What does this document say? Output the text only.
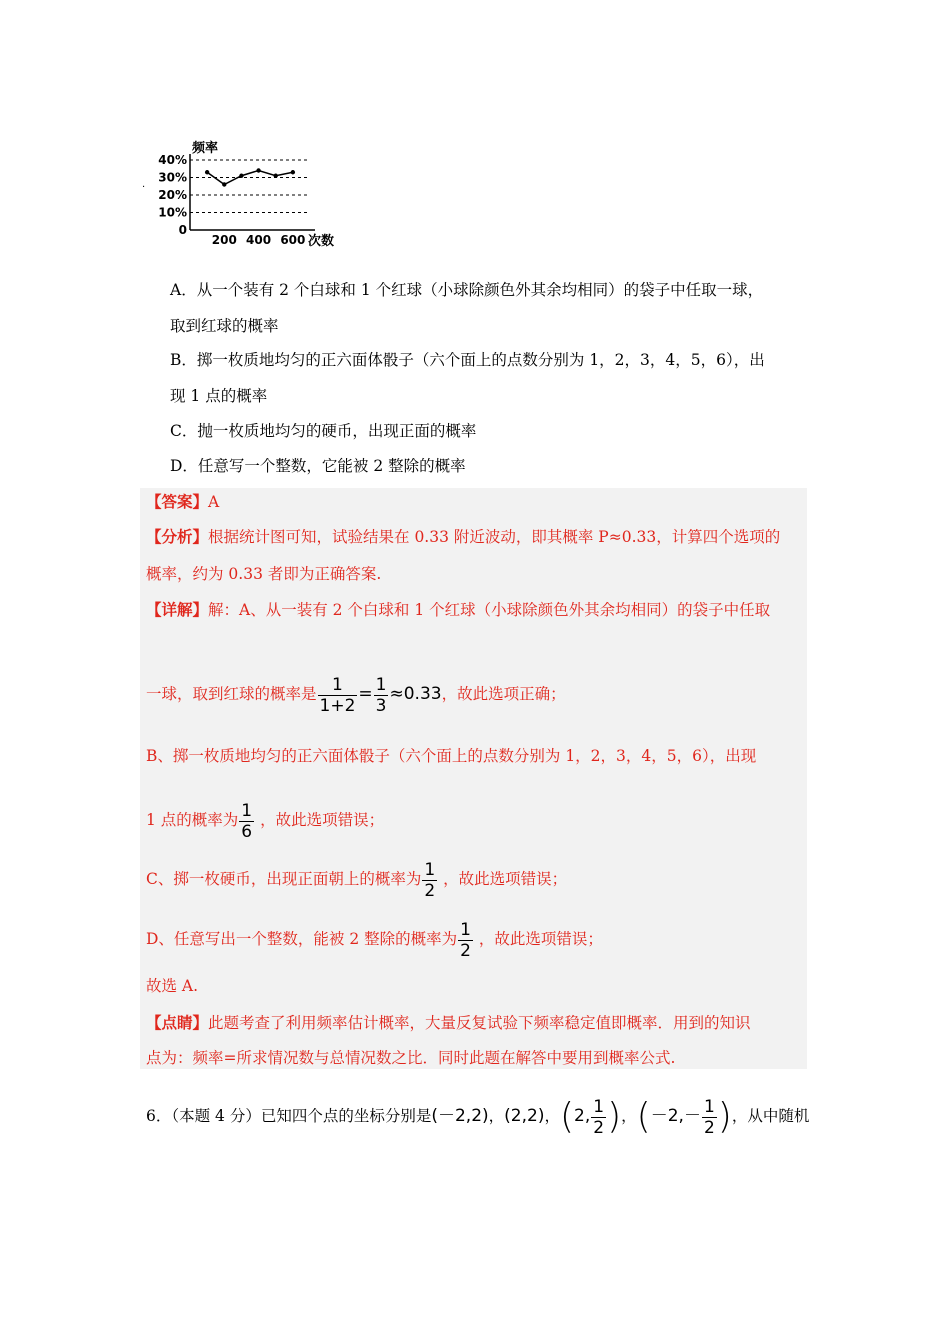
频率
40%
30%
20%
10%
0
200 400 600 次数
·
A．从一个装有 2 个白球和 1 个红球（小球除颜色外其余均相同）的袋子中任取一球，
取到红球的概率
B．掷一枚质地均匀的正六面体骰子（六个面上的点数分别为 1，2，3，4，5，6），出
现 1 点的概率
C．抛一枚质地均匀的硬币，出现正面的概率
D．任意写一个整数，它能被 2 整除的概率
【答案】A
【分析】根据统计图可知，试验结果在 0.33 附近波动，即其概率 P≈0.33，计算四个选项的
概率，约为 0.33 者即为正确答案.
【详解】解：A、从一装有 2 个白球和 1 个红球（小球除颜色外其余均相同）的袋子中任取
一球，取到红球的概率是 $\frac{1}{1+2} = \frac{1}{3} \approx 0.33$，故此选项正确；
B、掷一枚质地均匀的正六面体骰子（六个面上的点数分别为 1，2，3，4，5，6），出现
1 点的概率为 $\frac{1}{6}$ ，故此选项错误；
C、掷一枚硬币，出现正面朝上的概率为 $\frac{1}{2}$ ，故此选项错误；
D、任意写出一个整数，能被 2 整除的概率为 $\frac{1}{2}$ ，故此选项错误；
故选 A.
【点睛】此题考查了利用频率估计概率，大量反复试验下频率稳定值即概率．用到的知识
点为：频率=所求情况数与总情况数之比．同时此题在解答中要用到概率公式.
6．（本题 4 分）已知四个点的坐标分别是(－2,2)，(2,2)，(2, $\frac{1}{2}$ )，($-2,- \frac{1}{2}$ )，从中随机
